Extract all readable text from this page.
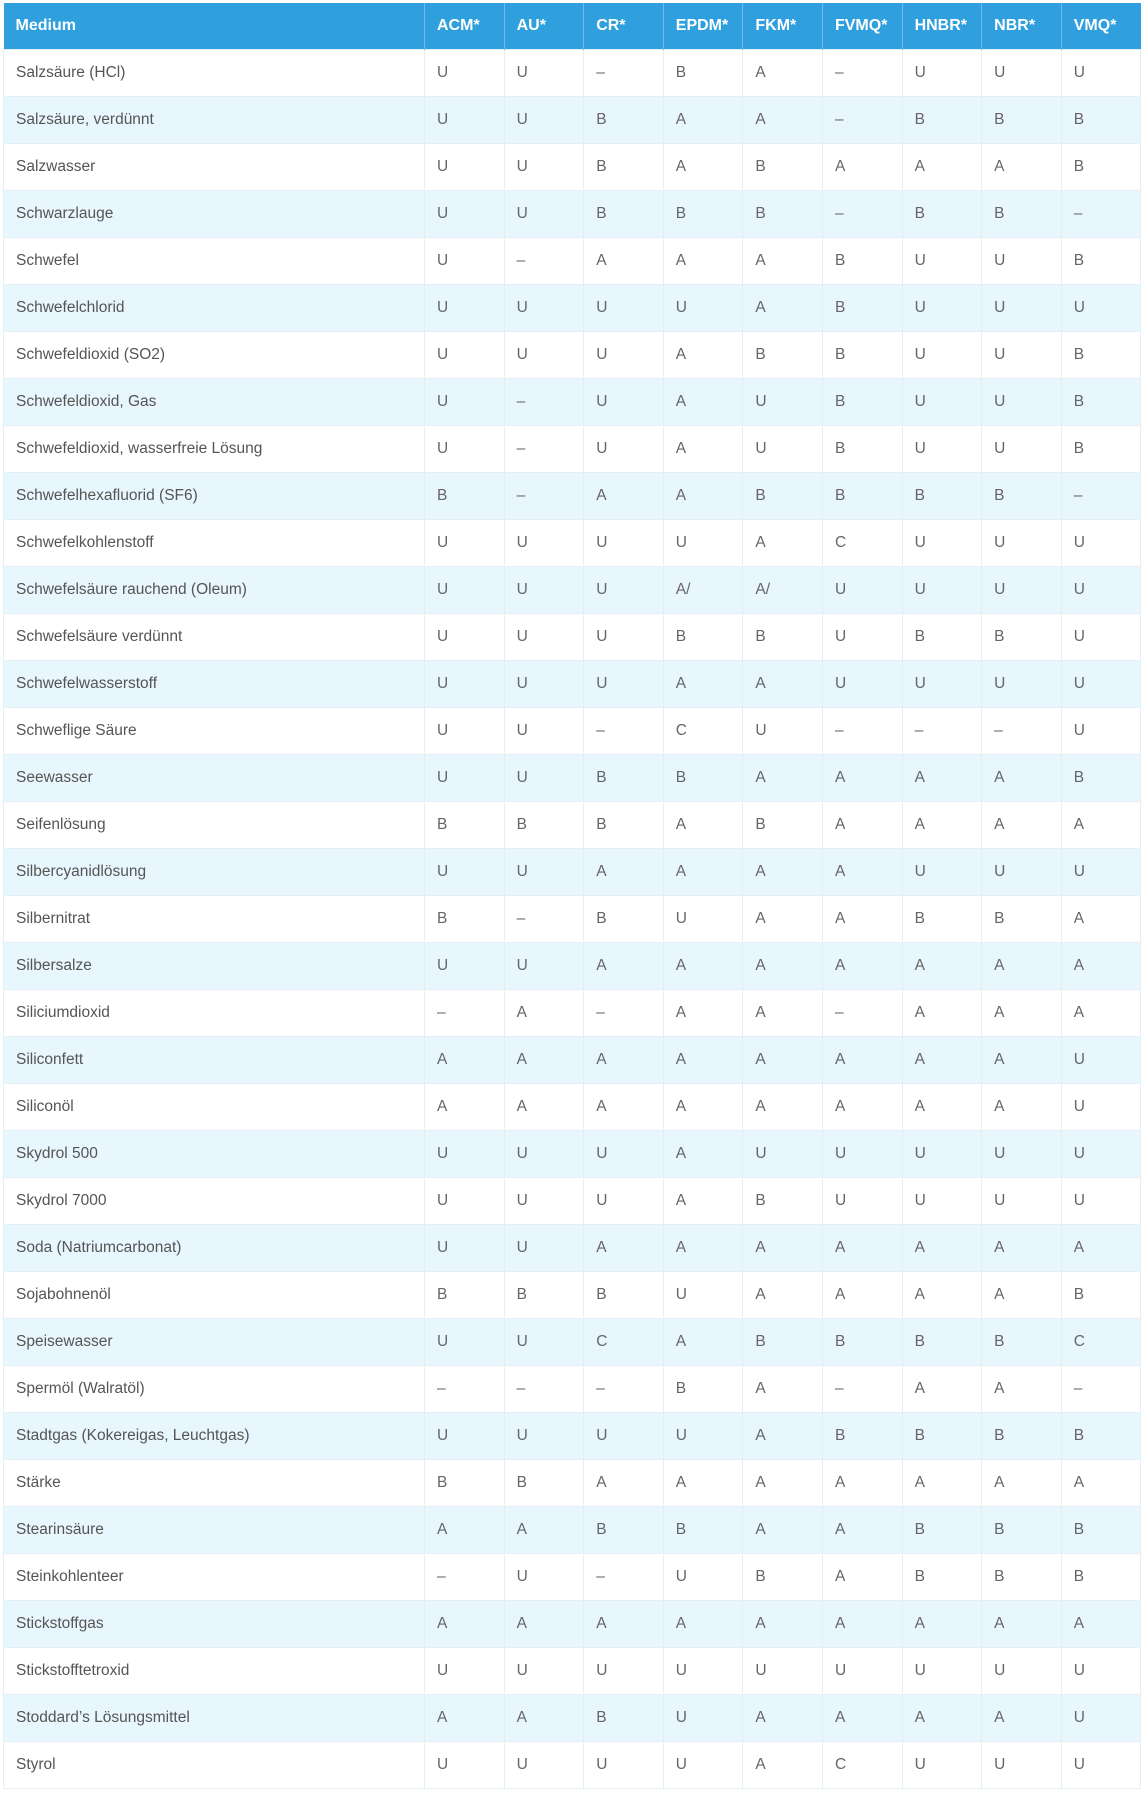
Medium	ACM*	AU*	CR*	EPDM*	FKM*	FVMQ*	HNBR*	NBR*	VMQ*
Salzsäure (HCl)	U	U	–	B	A	–	U	U	U
Salzsäure, verdünnt	U	U	B	A	A	–	B	B	B
Salzwasser	U	U	B	A	B	A	A	A	B
Schwarzlauge	U	U	B	B	B	–	B	B	–
Schwefel	U	–	A	A	A	B	U	U	B
Schwefelchlorid	U	U	U	U	A	B	U	U	U
Schwefeldioxid (SO2)	U	U	U	A	B	B	U	U	B
Schwefeldioxid, Gas	U	–	U	A	U	B	U	U	B
Schwefeldioxid, wasserfreie Lösung	U	–	U	A	U	B	U	U	B
Schwefelhexafluorid (SF6)	B	–	A	A	B	B	B	B	–
Schwefelkohlenstoff	U	U	U	U	A	C	U	U	U
Schwefelsäure rauchend (Oleum)	U	U	U	A/	A/	U	U	U	U
Schwefelsäure verdünnt	U	U	U	B	B	U	B	B	U
Schwefelwasserstoff	U	U	U	A	A	U	U	U	U
Schweflige Säure	U	U	–	C	U	–	–	–	U
Seewasser	U	U	B	B	A	A	A	A	B
Seifenlösung	B	B	B	A	B	A	A	A	A
Silbercyanidlösung	U	U	A	A	A	A	U	U	U
Silbernitrat	B	–	B	U	A	A	B	B	A
Silbersalze	U	U	A	A	A	A	A	A	A
Siliciumdioxid	–	A	–	A	A	–	A	A	A
Siliconfett	A	A	A	A	A	A	A	A	U
Siliconöl	A	A	A	A	A	A	A	A	U
Skydrol 500	U	U	U	A	U	U	U	U	U
Skydrol 7000	U	U	U	A	B	U	U	U	U
Soda (Natriumcarbonat)	U	U	A	A	A	A	A	A	A
Sojabohnenöl	B	B	B	U	A	A	A	A	B
Speisewasser	U	U	C	A	B	B	B	B	C
Spermöl (Walratöl)	–	–	–	B	A	–	A	A	–
Stadtgas (Kokereigas, Leuchtgas)	U	U	U	U	A	B	B	B	B
Stärke	B	B	A	A	A	A	A	A	A
Stearinsäure	A	A	B	B	A	A	B	B	B
Steinkohlenteer	–	U	–	U	B	A	B	B	B
Stickstoffgas	A	A	A	A	A	A	A	A	A
Stickstofftetroxid	U	U	U	U	U	U	U	U	U
Stoddard’s Lösungsmittel	A	A	B	U	A	A	A	A	U
Styrol	U	U	U	U	A	C	U	U	U
